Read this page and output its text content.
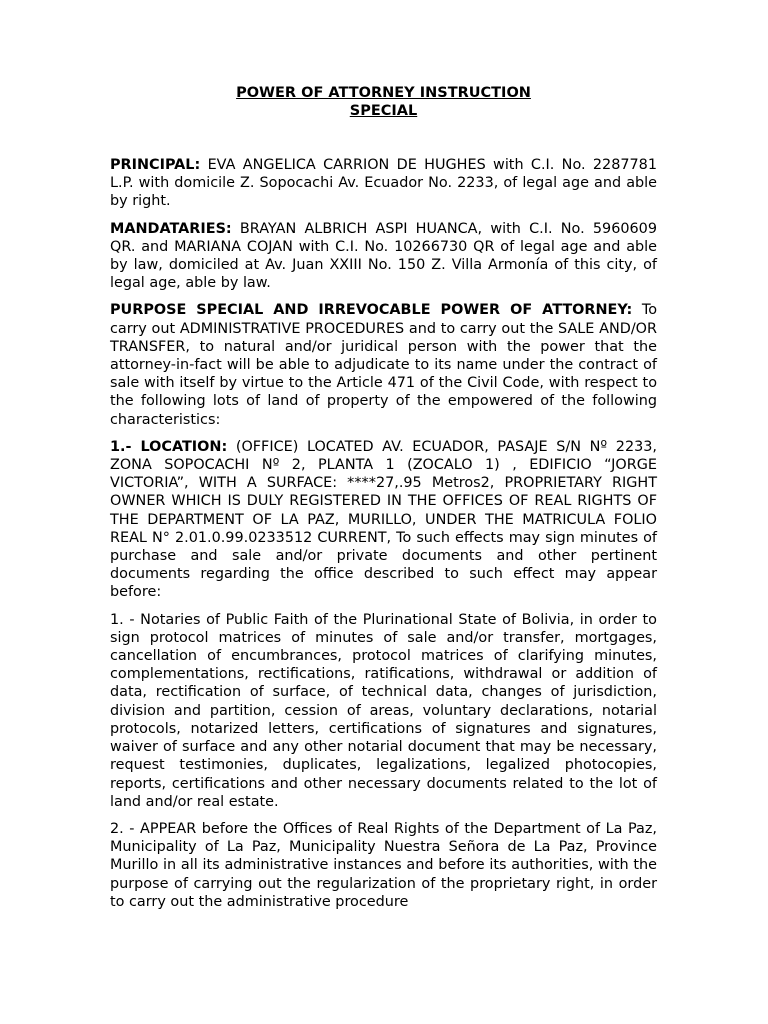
POWER OF ATTORNEY INSTRUCTION
SPECIAL

PRINCIPAL: EVA ANGELICA CARRION DE HUGHES with C.I. No. 2287781 L.P. with domicile Z. Sopocachi Av. Ecuador No. 2233, of legal age and able by right.

MANDATARIES: BRAYAN ALBRICH ASPI HUANCA, with C.I. No. 5960609 QR. and MARIANA COJAN with C.I. No. 10266730 QR of legal age and able by law, domiciled at Av. Juan XXIII No. 150 Z. Villa Armonía of this city, of legal age, able by law.

PURPOSE SPECIAL AND IRREVOCABLE POWER OF ATTORNEY: To carry out ADMINISTRATIVE PROCEDURES and to carry out the SALE AND/OR TRANSFER, to natural and/or juridical person with the power that the attorney-in-fact will be able to adjudicate to its name under the contract of sale with itself by virtue to the Article 471 of the Civil Code, with respect to the following lots of land of property of the empowered of the following characteristics:

1.- LOCATION: (OFFICE) LOCATED AV. ECUADOR, PASAJE S/N Nº 2233, ZONA SOPOCACHI Nº 2, PLANTA 1 (ZOCALO 1) , EDIFICIO “JORGE VICTORIA”, WITH A SURFACE: ****27,.95 Metros2, PROPRIETARY RIGHT OWNER WHICH IS DULY REGISTERED IN THE OFFICES OF REAL RIGHTS OF THE DEPARTMENT OF LA PAZ, MURILLO, UNDER THE MATRICULA FOLIO REAL N° 2.01.0.99.0233512 CURRENT, To such effects may sign minutes of purchase and sale and/or private documents and other pertinent documents regarding the office described to such effect may appear before:

1. - Notaries of Public Faith of the Plurinational State of Bolivia, in order to sign protocol matrices of minutes of sale and/or transfer, mortgages, cancellation of encumbrances, protocol matrices of clarifying minutes, complementations, rectifications, ratifications, withdrawal or addition of data, rectification of surface, of technical data, changes of jurisdiction, division and partition, cession of areas, voluntary declarations, notarial protocols, notarized letters, certifications of signatures and signatures, waiver of surface and any other notarial document that may be necessary, request testimonies, duplicates, legalizations, legalized photocopies, reports, certifications and other necessary documents related to the lot of land and/or real estate.

2. - APPEAR before the Offices of Real Rights of the Department of La Paz, Municipality of La Paz, Municipality Nuestra Señora de La Paz, Province Murillo in all its administrative instances and before its authorities, with the purpose of carrying out the regularization of the proprietary right, in order to carry out the administrative procedure
